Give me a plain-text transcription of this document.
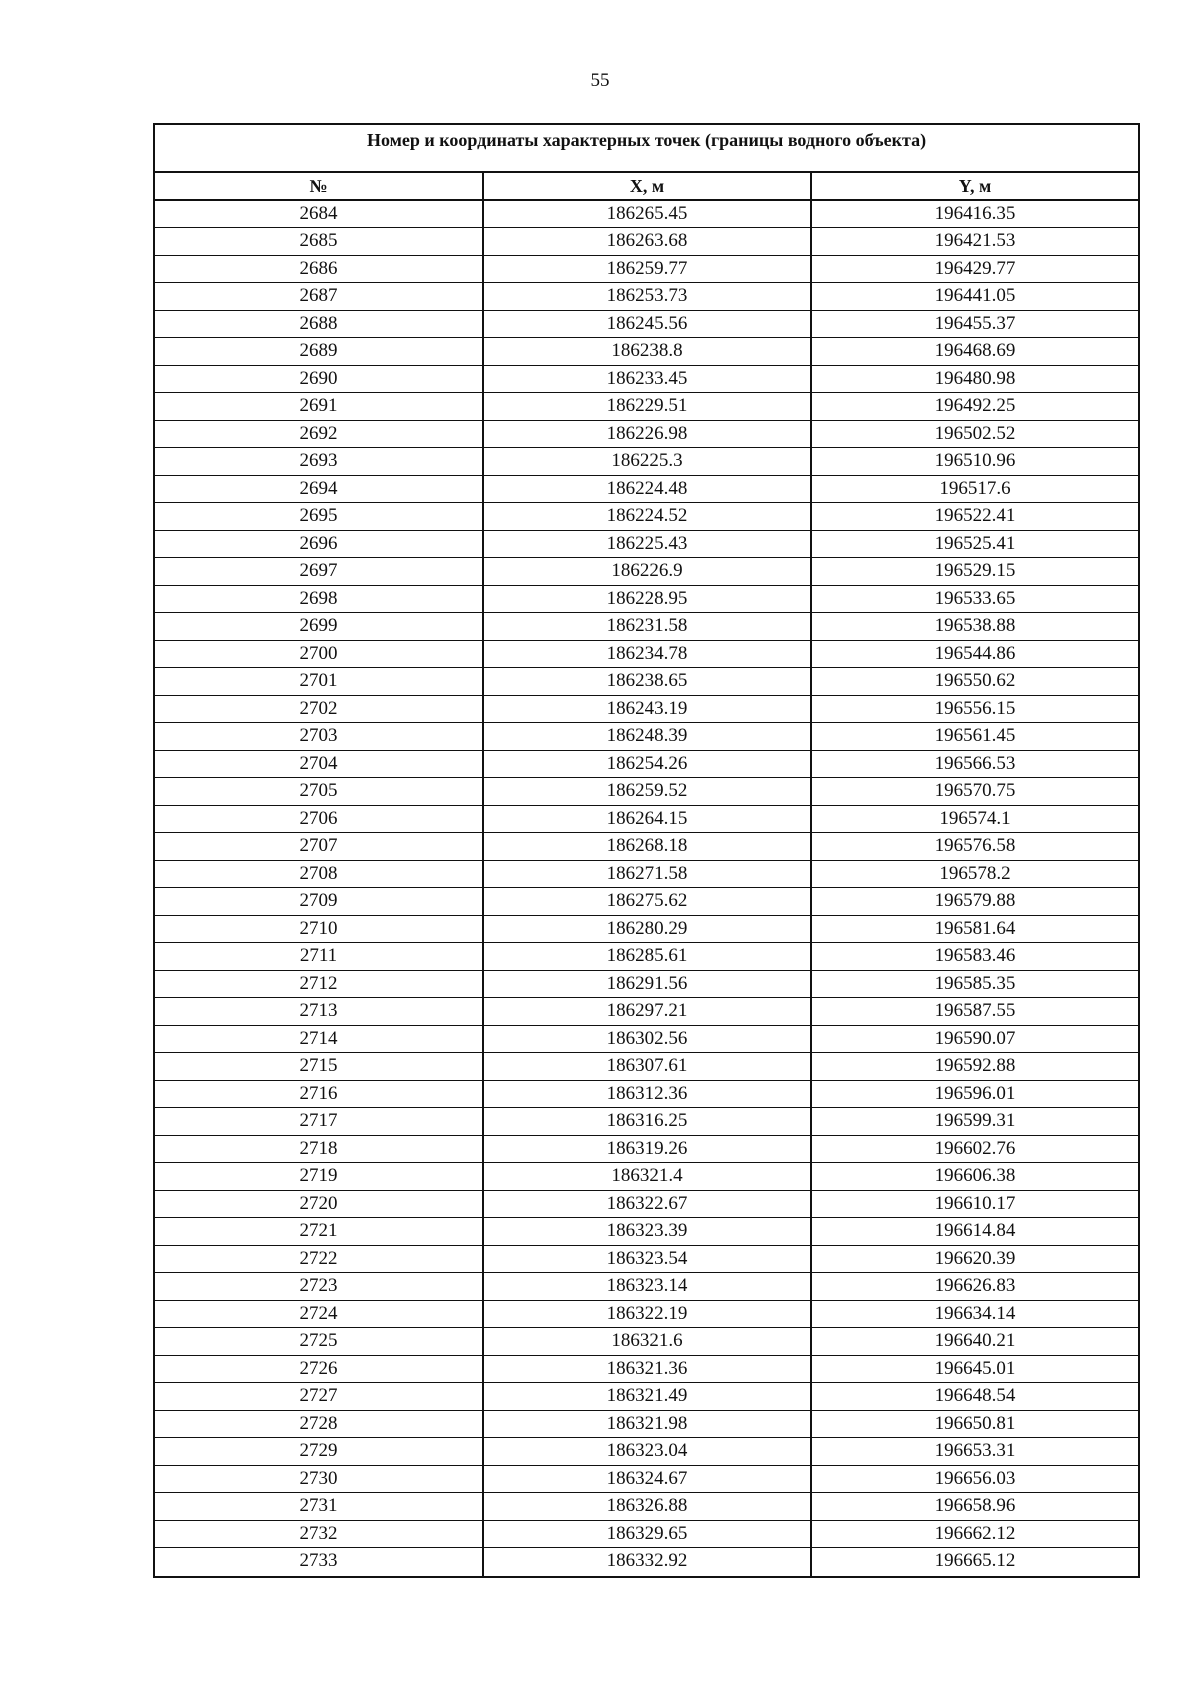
55
Номер и координаты характерных точек (границы водного объекта)
№	X, м	Y, м
2684	186265.45	196416.35
2685	186263.68	196421.53
2686	186259.77	196429.77
2687	186253.73	196441.05
2688	186245.56	196455.37
2689	186238.8	196468.69
2690	186233.45	196480.98
2691	186229.51	196492.25
2692	186226.98	196502.52
2693	186225.3	196510.96
2694	186224.48	196517.6
2695	186224.52	196522.41
2696	186225.43	196525.41
2697	186226.9	196529.15
2698	186228.95	196533.65
2699	186231.58	196538.88
2700	186234.78	196544.86
2701	186238.65	196550.62
2702	186243.19	196556.15
2703	186248.39	196561.45
2704	186254.26	196566.53
2705	186259.52	196570.75
2706	186264.15	196574.1
2707	186268.18	196576.58
2708	186271.58	196578.2
2709	186275.62	196579.88
2710	186280.29	196581.64
2711	186285.61	196583.46
2712	186291.56	196585.35
2713	186297.21	196587.55
2714	186302.56	196590.07
2715	186307.61	196592.88
2716	186312.36	196596.01
2717	186316.25	196599.31
2718	186319.26	196602.76
2719	186321.4	196606.38
2720	186322.67	196610.17
2721	186323.39	196614.84
2722	186323.54	196620.39
2723	186323.14	196626.83
2724	186322.19	196634.14
2725	186321.6	196640.21
2726	186321.36	196645.01
2727	186321.49	196648.54
2728	186321.98	196650.81
2729	186323.04	196653.31
2730	186324.67	196656.03
2731	186326.88	196658.96
2732	186329.65	196662.12
2733	186332.92	196665.12
